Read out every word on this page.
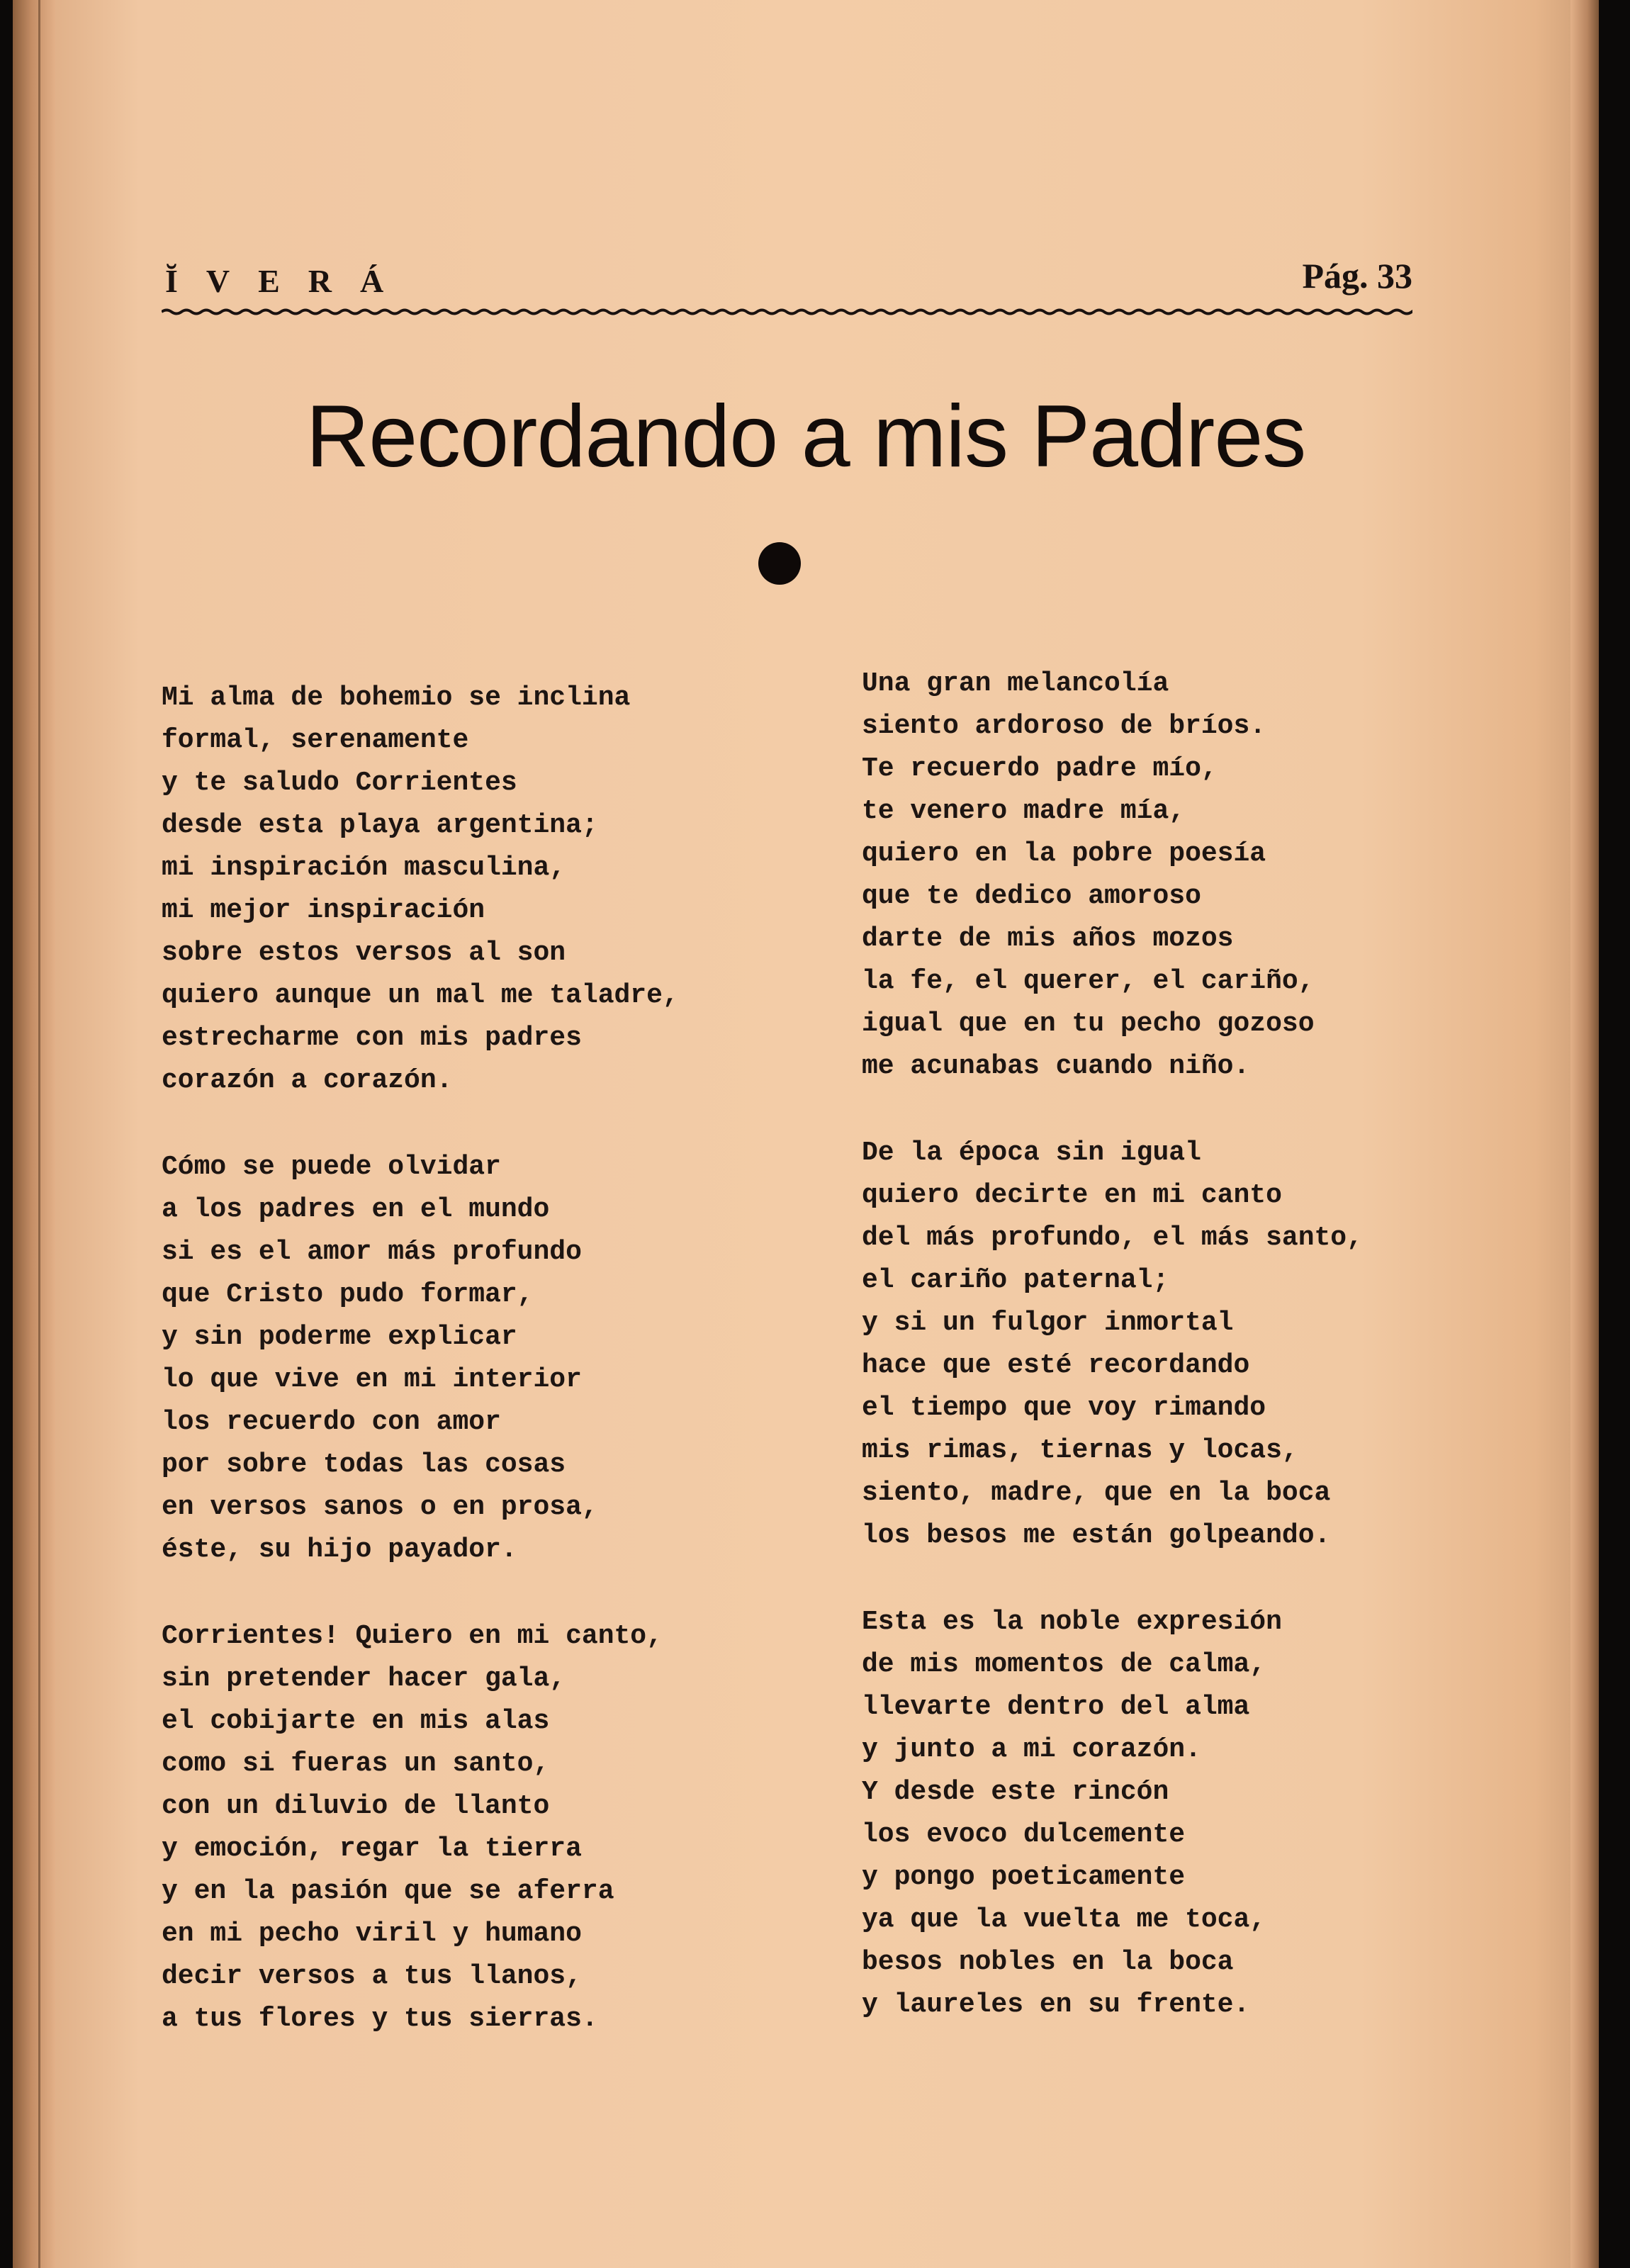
ĬVERÁ	Pág. 33
Recordando a mis Padres
Mi alma de bohemio se inclina
formal, serenamente
y te saludo Corrientes
desde esta playa argentina;
mi inspiración masculina,
mi mejor inspiración
sobre estos versos al son
quiero aunque un mal me taladre,
estrecharme con mis padres
corazón a corazón.
Cómo se puede olvidar
a los padres en el mundo
si es el amor más profundo
que Cristo pudo formar,
y sin poderme explicar
lo que vive en mi interior
los recuerdo con amor
por sobre todas las cosas
en versos sanos o en prosa,
éste, su hijo payador.
Corrientes! Quiero en mi canto,
sin pretender hacer gala,
el cobijarte en mis alas
como si fueras un santo,
con un diluvio de llanto
y emoción, regar la tierra
y en la pasión que se aferra
en mi pecho viril y humano
decir versos a tus llanos,
a tus flores y tus sierras.
Una gran melancolía
siento ardoroso de bríos.
Te recuerdo padre mío,
te venero madre mía,
quiero en la pobre poesía
que te dedico amoroso
darte de mis años mozos
la fe, el querer, el cariño,
igual que en tu pecho gozoso
me acunabas cuando niño.
De la época sin igual
quiero decirte en mi canto
del más profundo, el más santo,
el cariño paternal;
y si un fulgor inmortal
hace que esté recordando
el tiempo que voy rimando
mis rimas, tiernas y locas,
siento, madre, que en la boca
los besos me están golpeando.
Esta es la noble expresión
de mis momentos de calma,
llevarte dentro del alma
y junto a mi corazón.
Y desde este rincón
los evoco dulcemente
y pongo poeticamente
ya que la vuelta me toca,
besos nobles en la boca
y laureles en su frente.
